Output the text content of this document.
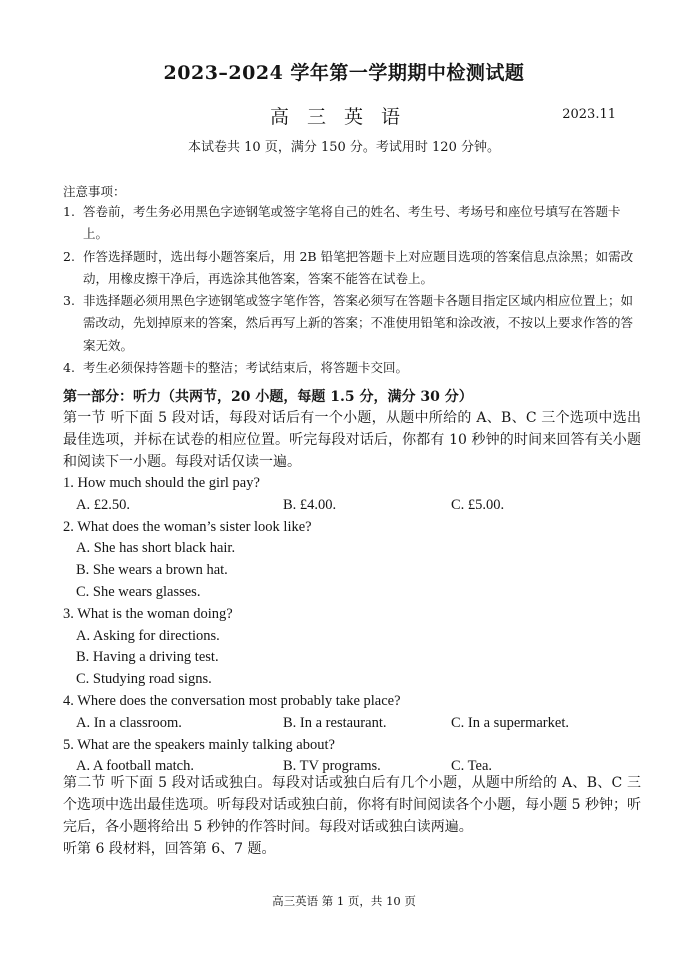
2023–2024 学年第一学期期中检测试题
高三英语	2023.11
本试卷共 10 页，满分 150 分。考试用时 120 分钟。
注意事项：
1. 答卷前，考生务必用黑色字迹钢笔或签字笔将自己的姓名、考生号、考场号和座位号填写在答题卡上。
2. 作答选择题时，选出每小题答案后，用 2B 铅笔把答题卡上对应题目选项的答案信息点涂黑；如需改动，用橡皮擦干净后，再选涂其他答案，答案不能答在试卷上。
3. 非选择题必须用黑色字迹钢笔或签字笔作答，答案必须写在答题卡各题目指定区域内相应位置上；如需改动，先划掉原来的答案，然后再写上新的答案；不准使用铅笔和涂改液，不按以上要求作答的答案无效。
4. 考生必须保持答题卡的整洁；考试结束后，将答题卡交回。
第一部分：听力（共两节，20 小题，每题 1.5 分，满分 30 分）
第一节 听下面 5 段对话，每段对话后有一个小题，从题中所给的 A、B、C 三个选项中选出最佳选项，并标在试卷的相应位置。听完每段对话后，你都有 10 秒钟的时间来回答有关小题和阅读下一小题。每段对话仅读一遍。
1. How much should the girl pay?
A. £2.50.	B. £4.00.	C. £5.00.
2. What does the woman’s sister look like?
A. She has short black hair.
B. She wears a brown hat.
C. She wears glasses.
3. What is the woman doing?
A. Asking for directions.
B. Having a driving test.
C. Studying road signs.
4. Where does the conversation most probably take place?
A. In a classroom.	B. In a restaurant.	C. In a supermarket.
5. What are the speakers mainly talking about?
A. A football match.	B. TV programs.	C. Tea.
第二节 听下面 5 段对话或独白。每段对话或独白后有几个小题，从题中所给的 A、B、C 三个选项中选出最佳选项。听每段对话或独白前，你将有时间阅读各个小题，每小题 5 秒钟；听完后，各小题将给出 5 秒钟的作答时间。每段对话或独白读两遍。
听第 6 段材料，回答第 6、7 题。
高三英语 第 1 页，共 10 页
